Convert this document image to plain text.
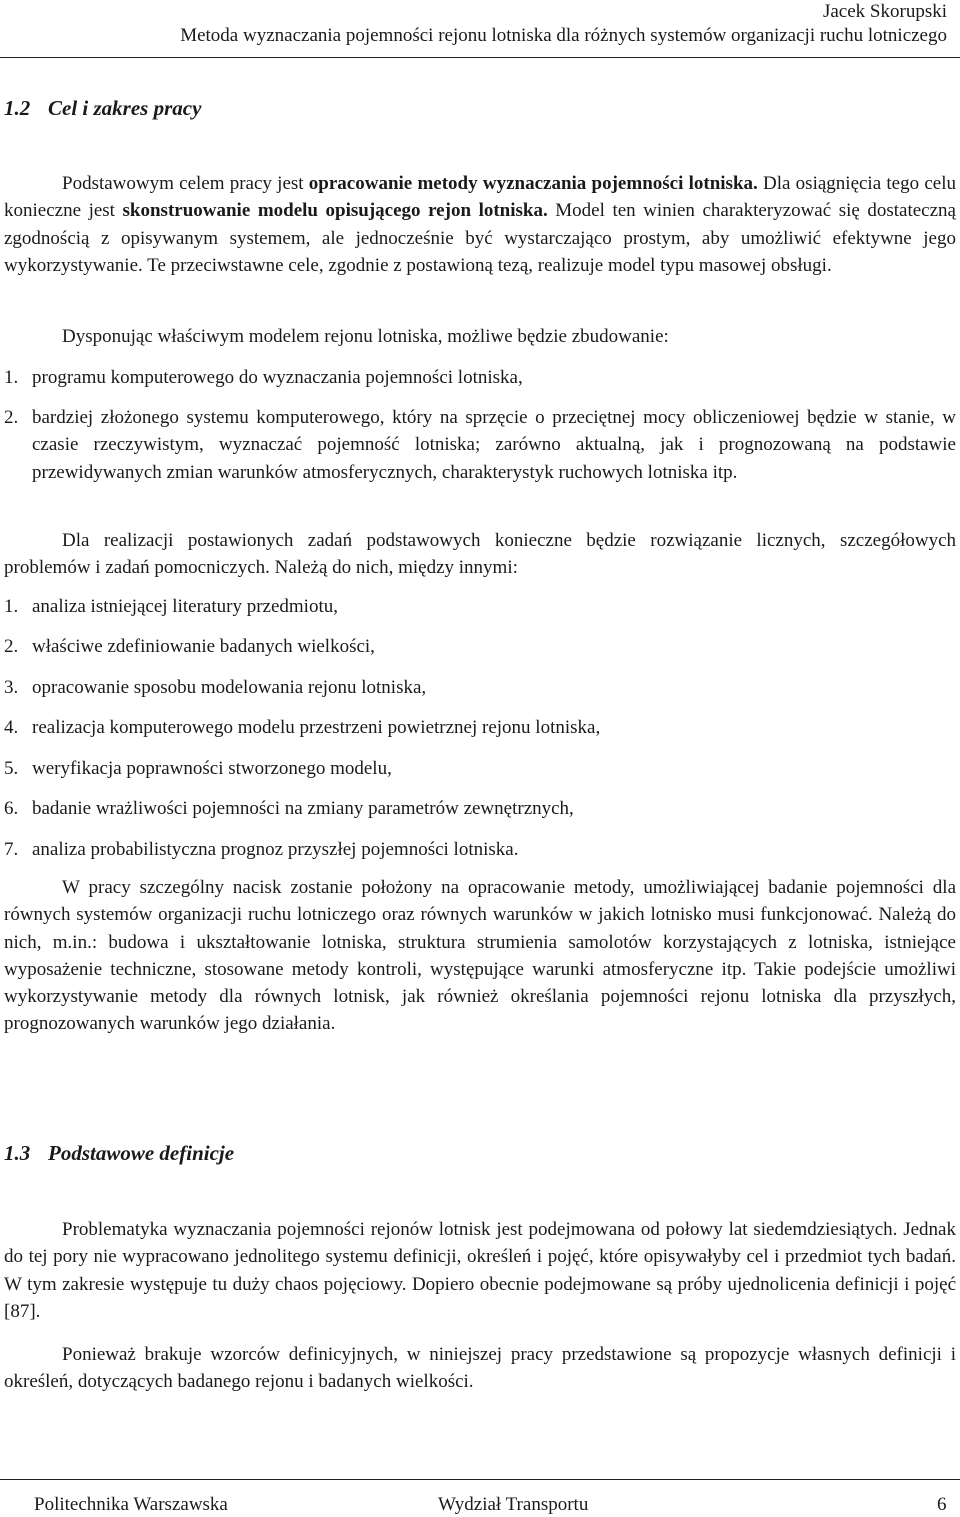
Jacek Skorupski
Metoda wyznaczania pojemności rejonu lotniska dla różnych systemów organizacji ruchu lotniczego
1.2 Cel i zakres pracy
Podstawowym celem pracy jest opracowanie metody wyznaczania pojemności lotniska. Dla osiągnięcia tego celu konieczne jest skonstruowanie modelu opisującego rejon lotniska. Model ten winien charakteryzować się dostateczną zgodnością z opisywanym systemem, ale jednocześnie być wystarczająco prostym, aby umożliwić efektywne jego wykorzystywanie. Te przeciwstawne cele, zgodnie z postawioną tezą, realizuje model typu masowej obsługi.
Dysponując właściwym modelem rejonu lotniska, możliwe będzie zbudowanie:
1. programu komputerowego do wyznaczania pojemności lotniska,
2. bardziej złożonego systemu komputerowego, który na sprzęcie o przeciętnej mocy obliczeniowej będzie w stanie, w czasie rzeczywistym, wyznaczać pojemność lotniska; zarówno aktualną, jak i prognozowaną na podstawie przewidywanych zmian warunków atmosferycznych, charakterystyk ruchowych lotniska itp.
Dla realizacji postawionych zadań podstawowych konieczne będzie rozwiązanie licznych, szczegółowych problemów i zadań pomocniczych. Należą do nich, między innymi:
1. analiza istniejącej literatury przedmiotu,
2. właściwe zdefiniowanie badanych wielkości,
3. opracowanie sposobu modelowania rejonu lotniska,
4. realizacja komputerowego modelu przestrzeni powietrznej rejonu lotniska,
5. weryfikacja poprawności stworzonego modelu,
6. badanie wrażliwości pojemności na zmiany parametrów zewnętrznych,
7. analiza probabilistyczna prognoz przyszłej pojemności lotniska.
W pracy szczególny nacisk zostanie położony na opracowanie metody, umożliwiającej badanie pojemności dla równych systemów organizacji ruchu lotniczego oraz równych warunków w jakich lotnisko musi funkcjonować. Należą do nich, m.in.: budowa i ukształtowanie lotniska, struktura strumienia samolotów korzystających z lotniska, istniejące wyposażenie techniczne, stosowane metody kontroli, występujące warunki atmosferyczne itp. Takie podejście umożliwi wykorzystywanie metody dla równych lotnisk, jak również określania pojemności rejonu lotniska dla przyszłych, prognozowanych warunków jego działania.
1.3 Podstawowe definicje
Problematyka wyznaczania pojemności rejonów lotnisk jest podejmowana od połowy lat siedemdziesiątych. Jednak do tej pory nie wypracowano jednolitego systemu definicji, określeń i pojęć, które opisywałyby cel i przedmiot tych badań. W tym zakresie występuje tu duży chaos pojęciowy. Dopiero obecnie podejmowane są próby ujednolicenia definicji i pojęć [87].
Ponieważ brakuje wzorców definicyjnych, w niniejszej pracy przedstawione są propozycje własnych definicji i określeń, dotyczących badanego rejonu i badanych wielkości.
Politechnika Warszawska	Wydział Transportu	6
